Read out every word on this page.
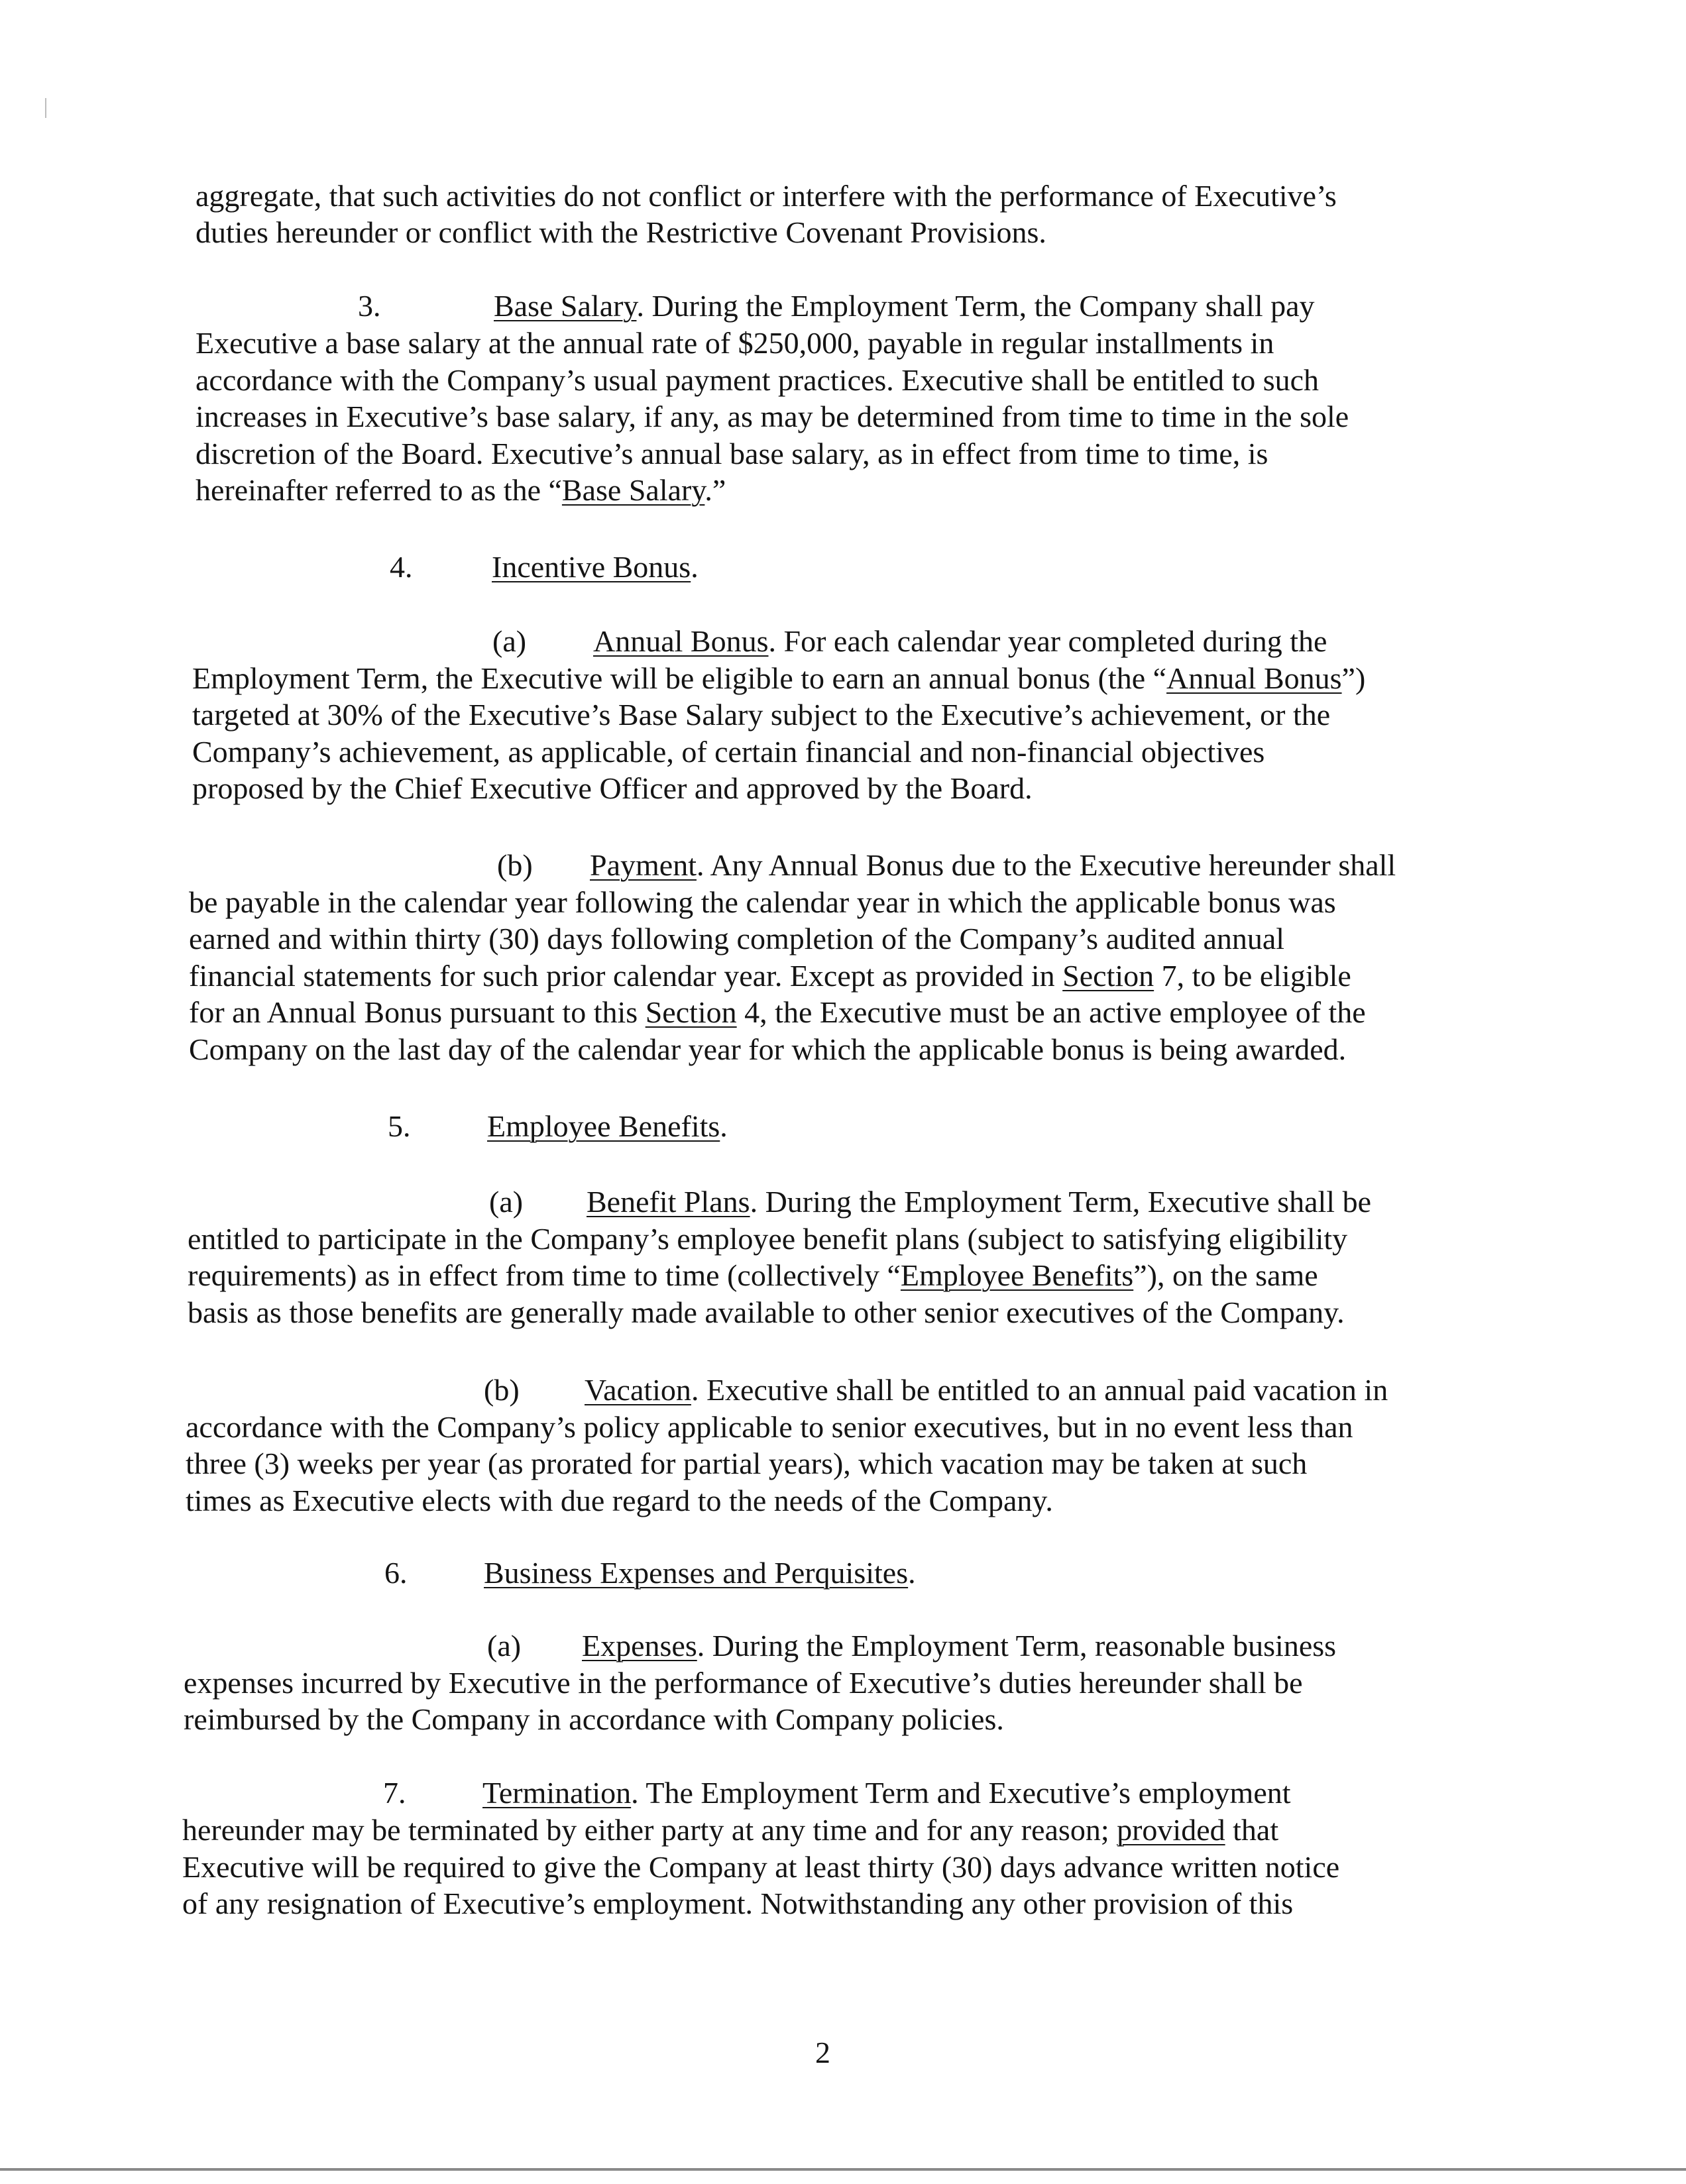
aggregate, that such activities do not conflict or interfere with the performance of Executive’s
duties hereunder or conflict with the Restrictive Covenant Provisions.
3.	Base Salary. During the Employment Term, the Company shall pay
Executive a base salary at the annual rate of $250,000, payable in regular installments in
accordance with the Company’s usual payment practices. Executive shall be entitled to such
increases in Executive’s base salary, if any, as may be determined from time to time in the sole
discretion of the Board. Executive’s annual base salary, as in effect from time to time, is
hereinafter referred to as the “Base Salary.”
4.	Incentive Bonus.
(a) Annual Bonus. For each calendar year completed during the
Employment Term, the Executive will be eligible to earn an annual bonus (the “Annual Bonus”)
targeted at 30% of the Executive’s Base Salary subject to the Executive’s achievement, or the
Company’s achievement, as applicable, of certain financial and non-financial objectives
proposed by the Chief Executive Officer and approved by the Board.
(b) Payment. Any Annual Bonus due to the Executive hereunder shall
be payable in the calendar year following the calendar year in which the applicable bonus was
earned and within thirty (30) days following completion of the Company’s audited annual
financial statements for such prior calendar year. Except as provided in Section 7, to be eligible
for an Annual Bonus pursuant to this Section 4, the Executive must be an active employee of the
Company on the last day of the calendar year for which the applicable bonus is being awarded.
5.	Employee Benefits.
(a) Benefit Plans. During the Employment Term, Executive shall be
entitled to participate in the Company’s employee benefit plans (subject to satisfying eligibility
requirements) as in effect from time to time (collectively “Employee Benefits”), on the same
basis as those benefits are generally made available to other senior executives of the Company.
(b) Vacation. Executive shall be entitled to an annual paid vacation in
accordance with the Company’s policy applicable to senior executives, but in no event less than
three (3) weeks per year (as prorated for partial years), which vacation may be taken at such
times as Executive elects with due regard to the needs of the Company.
6.	Business Expenses and Perquisites.
(a) Expenses. During the Employment Term, reasonable business
expenses incurred by Executive in the performance of Executive’s duties hereunder shall be
reimbursed by the Company in accordance with Company policies.
7.	Termination. The Employment Term and Executive’s employment
hereunder may be terminated by either party at any time and for any reason; provided that
Executive will be required to give the Company at least thirty (30) days advance written notice
of any resignation of Executive’s employment. Notwithstanding any other provision of this
2
